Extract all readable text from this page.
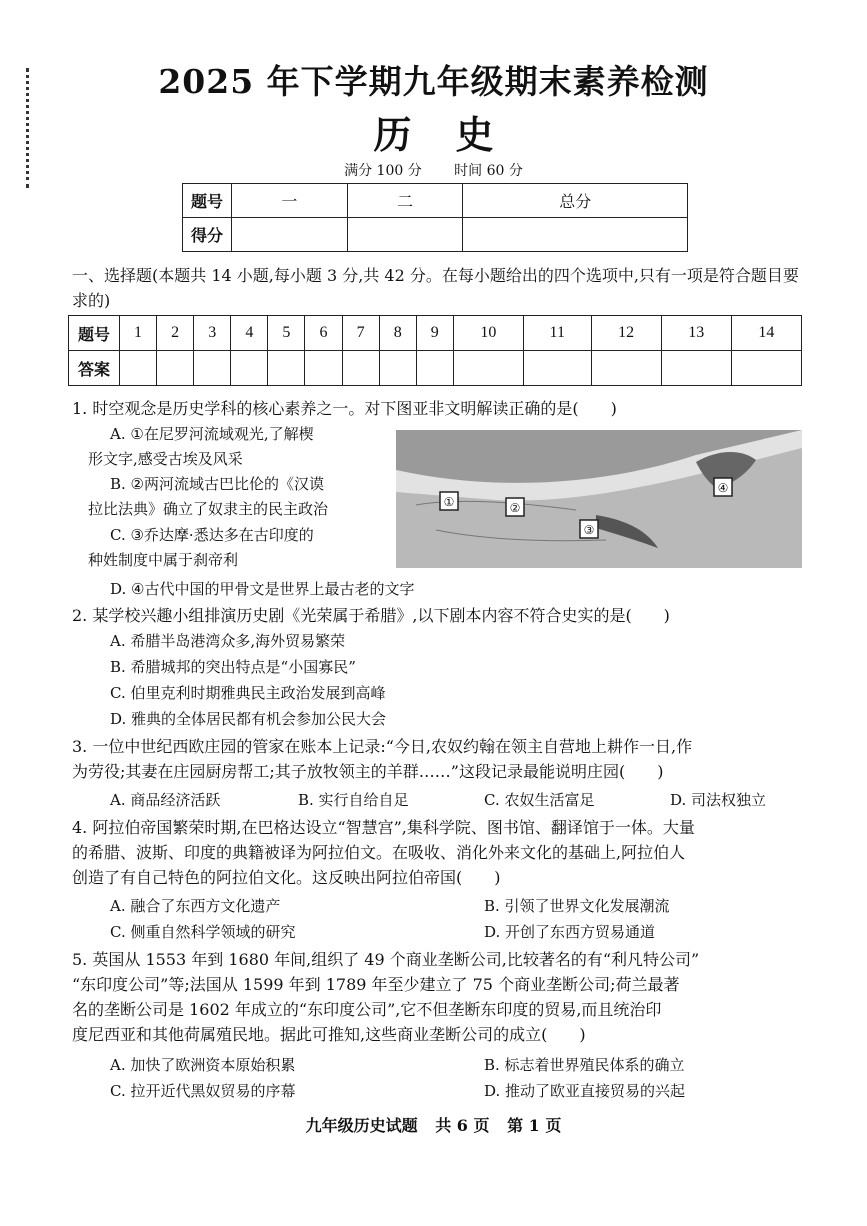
2025 年下学期九年级期末素养检测
历史
满分 100 分 时间 60 分
题号	一	二	总分
得分			
一、选择题(本题共 14 小题,每小题 3 分,共 42 分。在每小题给出的四个选项中,只有一项是符合题目要求的)
题号	1	2	3	4	5	6	7	8	9	10	11	12	13	14
答案														
1. 时空观念是历史学科的核心素养之一。对下图亚非文明解读正确的是(　　)
A. ①在尼罗河流域观光,了解楔
形文字,感受古埃及风采
B. ②两河流域古巴比伦的《汉谟
拉比法典》确立了奴隶主的民主政治
C. ③乔达摩·悉达多在古印度的
种姓制度中属于刹帝利
D. ④古代中国的甲骨文是世界上最古老的文字
①	②
③
④
2. 某学校兴趣小组排演历史剧《光荣属于希腊》,以下剧本内容不符合史实的是(　　)
A. 希腊半岛港湾众多,海外贸易繁荣
B. 希腊城邦的突出特点是“小国寡民”
C. 伯里克利时期雅典民主政治发展到高峰
D. 雅典的全体居民都有机会参加公民大会
3. 一位中世纪西欧庄园的管家在账本上记录:“今日,农奴约翰在领主自营地上耕作一日,作
为劳役;其妻在庄园厨房帮工;其子放牧领主的羊群……”这段记录最能说明庄园(　　)
A. 商品经济活跃	B. 实行自给自足	C. 农奴生活富足	D. 司法权独立
4. 阿拉伯帝国繁荣时期,在巴格达设立“智慧宫”,集科学院、图书馆、翻译馆于一体。大量
的希腊、波斯、印度的典籍被译为阿拉伯文。在吸收、消化外来文化的基础上,阿拉伯人
创造了有自己特色的阿拉伯文化。这反映出阿拉伯帝国(　　)
A. 融合了东西方文化遗产	B. 引领了世界文化发展潮流
C. 侧重自然科学领域的研究	D. 开创了东西方贸易通道
5. 英国从 1553 年到 1680 年间,组织了 49 个商业垄断公司,比较著名的有“利凡特公司”
“东印度公司”等;法国从 1599 年到 1789 年至少建立了 75 个商业垄断公司;荷兰最著
名的垄断公司是 1602 年成立的“东印度公司”,它不但垄断东印度的贸易,而且统治印
度尼西亚和其他荷属殖民地。据此可推知,这些商业垄断公司的成立(　　)
A. 加快了欧洲资本原始积累	B. 标志着世界殖民体系的确立
C. 拉开近代黑奴贸易的序幕	D. 推动了欧亚直接贸易的兴起
九年级历史试题 共 6 页 第 1 页
